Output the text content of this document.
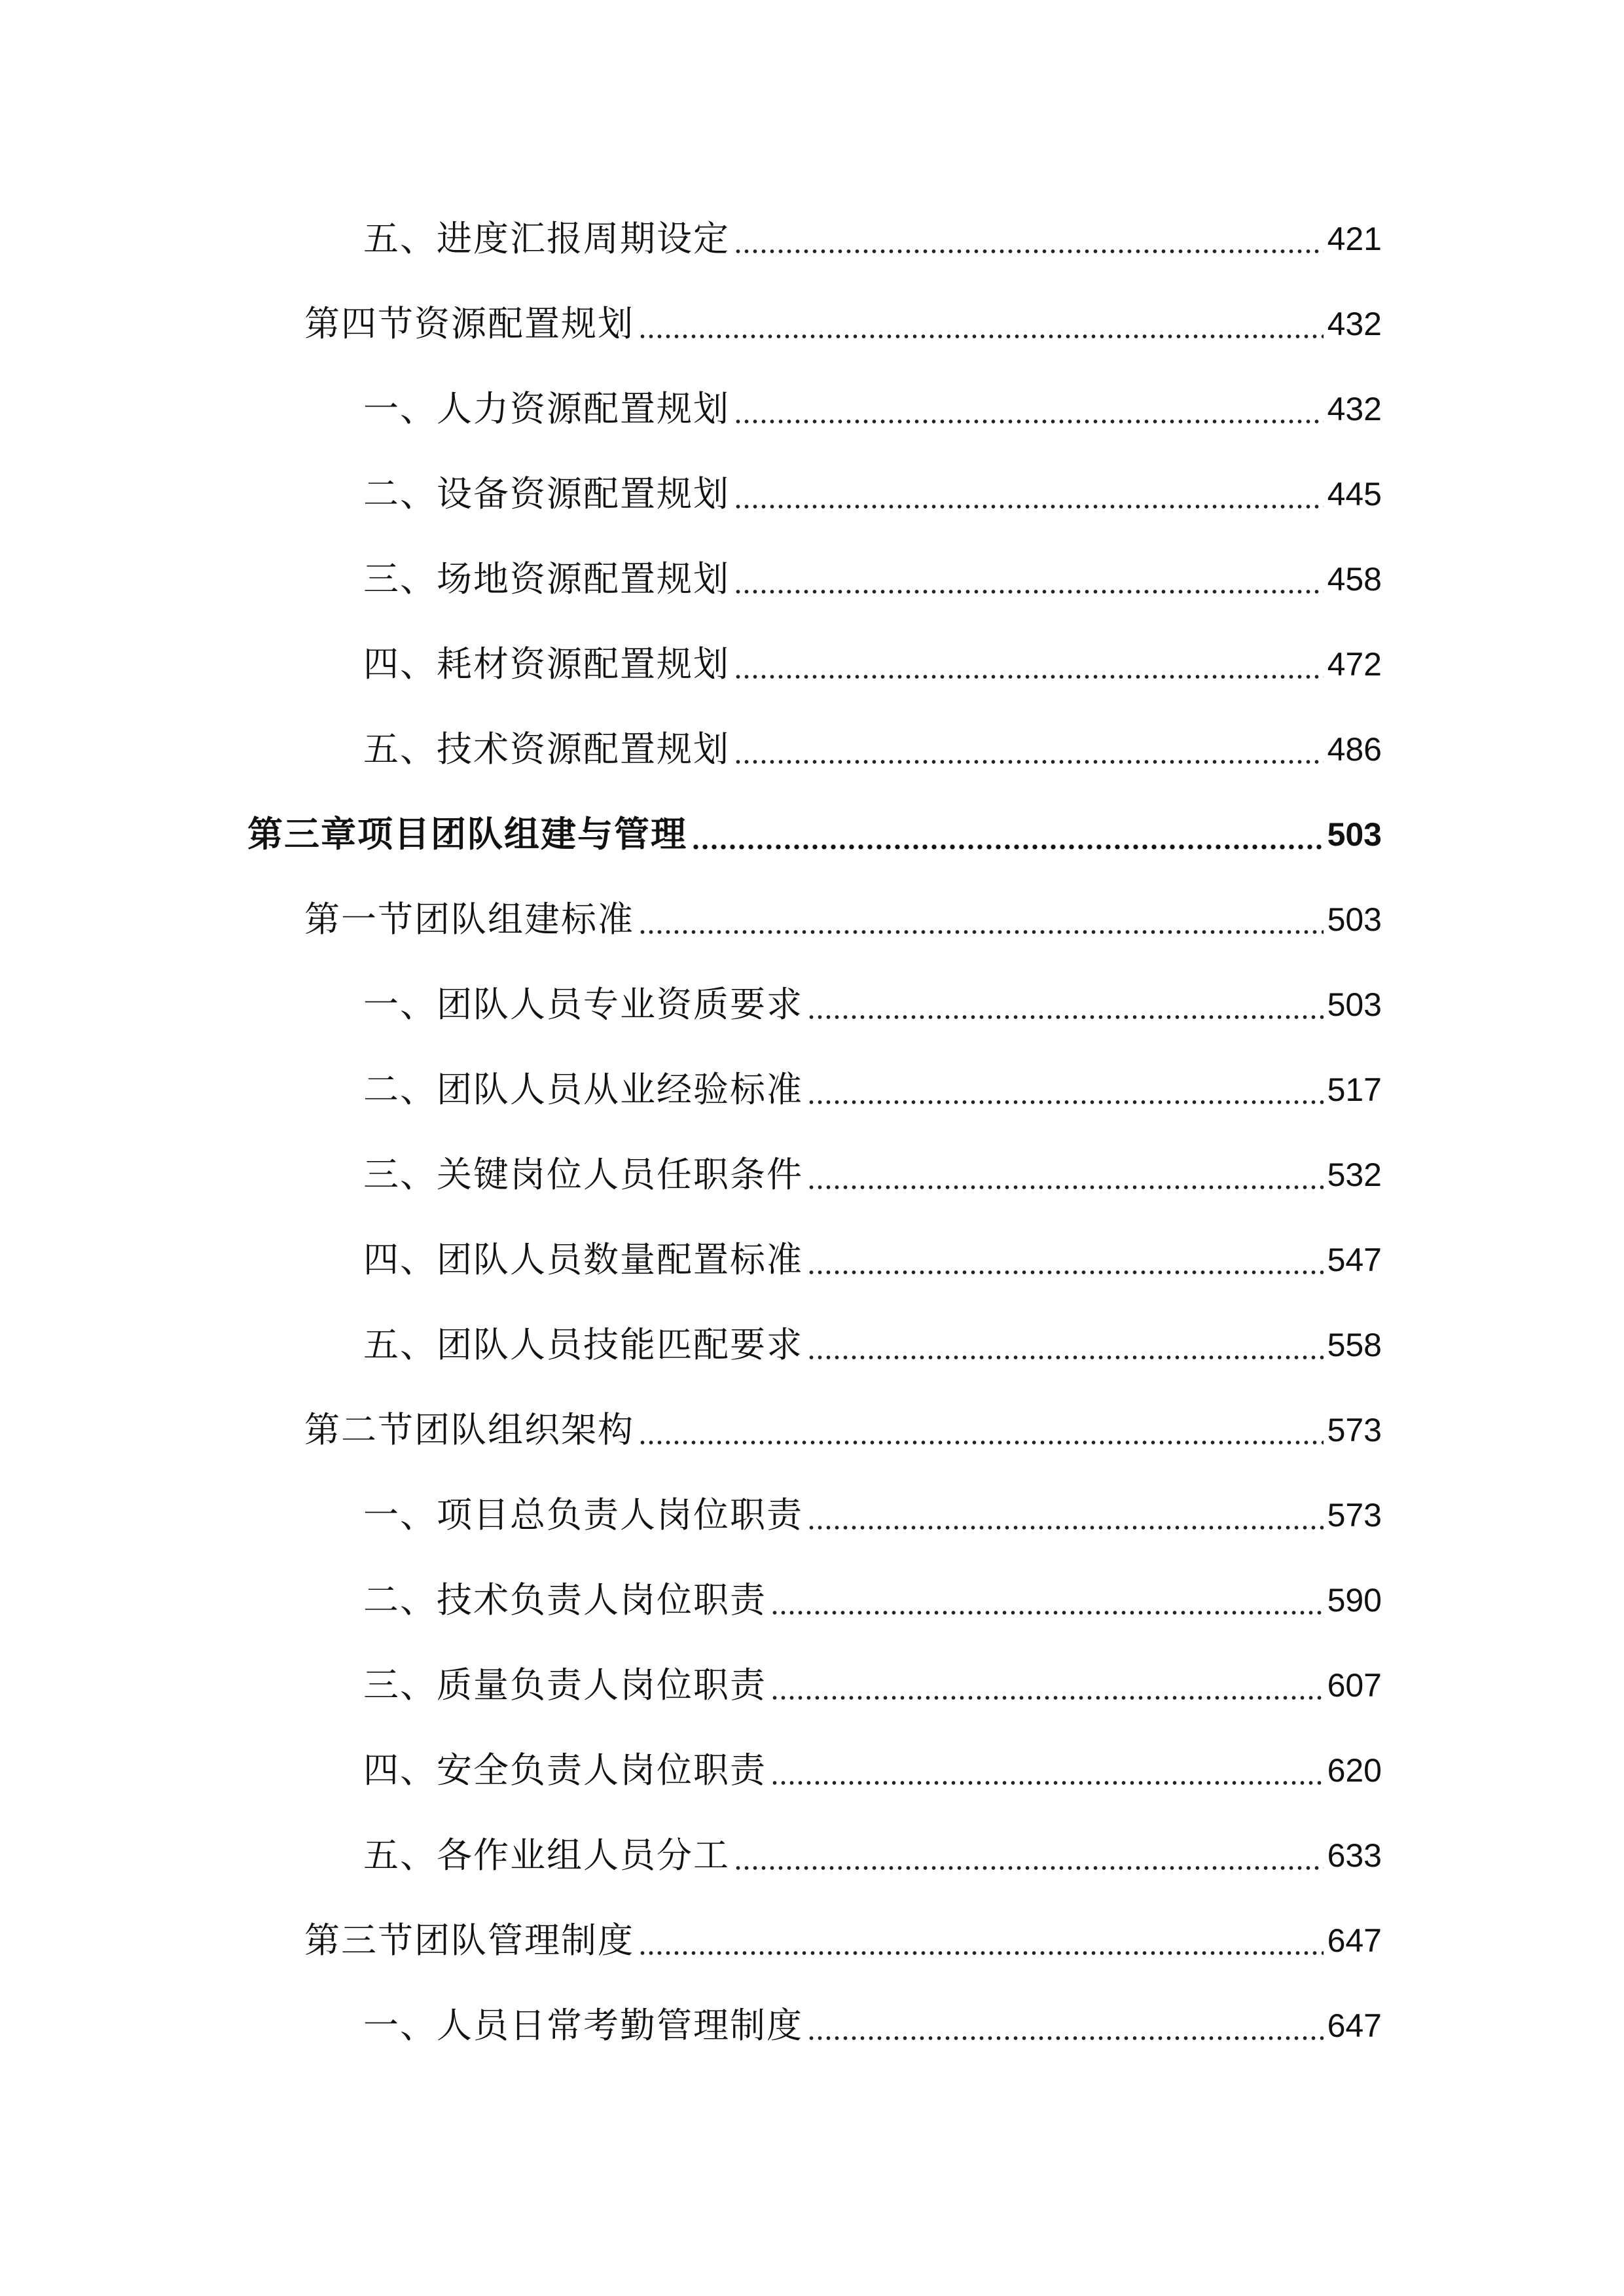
五、进度汇报周期设定	421
第四节资源配置规划	432
一、人力资源配置规划	432
二、设备资源配置规划	445
三、场地资源配置规划	458
四、耗材资源配置规划	472
五、技术资源配置规划	486
第三章项目团队组建与管理	503
第一节团队组建标准	503
一、团队人员专业资质要求	503
二、团队人员从业经验标准	517
三、关键岗位人员任职条件	532
四、团队人员数量配置标准	547
五、团队人员技能匹配要求	558
第二节团队组织架构	573
一、项目总负责人岗位职责	573
二、技术负责人岗位职责	590
三、质量负责人岗位职责	607
四、安全负责人岗位职责	620
五、各作业组人员分工	633
第三节团队管理制度	647
一、人员日常考勤管理制度	647
